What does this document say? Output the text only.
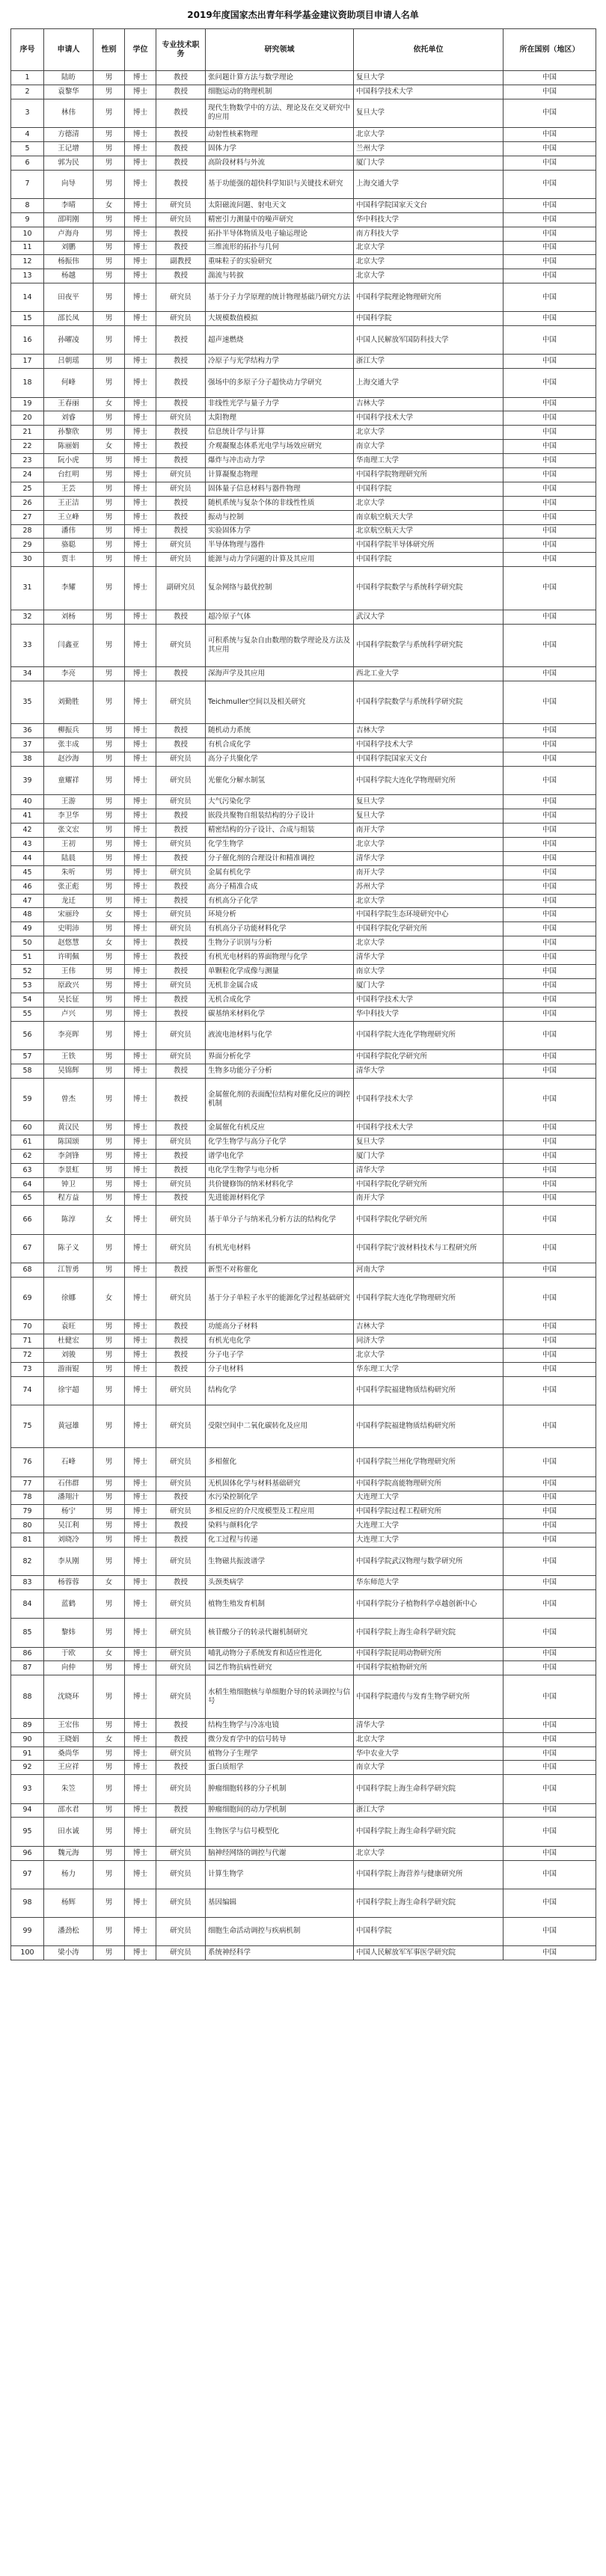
2019年度国家杰出青年科学基金建议资助项目申请人名单
序号	申请人	性别	学位	专业技术职务	研究领域	依托单位	所在国别（地区）
1	陆昉	男	博士	教授	张问题计算方法与数学理论	复旦大学	中国
2	袁黎华	男	博士	教授	细胞运动的物理机制	中国科学技术大学	中国
3	林伟	男	博士	教授	现代生物数学中的方法、理论及在交叉研究中的应用	复旦大学	中国
4	方德清	男	博士	教授	动射性核素物理	北京大学	中国
5	王记增	男	博士	教授	固体力学	兰州大学	中国
6	郭为民	男	博士	教授	高阶段材料与外流	厦门大学	中国
7	向导	男	博士	教授	基于功能强的超快科学知识与关键技术研究	上海交通大学	中国
8	李晴	女	博士	研究员	太阳磁流问题、射电天文	中国科学院国家天文台	中国
9	邵明刚	男	博士	研究员	精密引力测量中的噪声研究	华中科技大学	中国
10	卢海舟	男	博士	教授	拓扑半导体物质及电子输运理论	南方科技大学	中国
11	刘鹏	男	博士	教授	三维流形的拓扑与几何	北京大学	中国
12	杨振伟	男	博士	副教授	重味粒子的实验研究	北京大学	中国
13	杨越	男	博士	教授	湍流与转捩	北京大学	中国
14	田夜平	男	博士	研究员	基于分子力学原理的统计物理基础乃研究方法	中国科学院理论物理研究所	中国
15	邵长凤	男	博士	研究员	大规模数值模拟	中国科学院	中国
16	孙曜凌	男	博士	教授	超声速燃烧	中国人民解放军国防科技大学	中国
17	吕朝瑶	男	博士	教授	冷原子与光学结构力学	浙江大学	中国
18	何峰	男	博士	教授	强场中的多原子分子超快动力学研究	上海交通大学	中国
19	王春丽	女	博士	教授	非线性光学与量子力学	吉林大学	中国
20	刘睿	男	博士	研究员	太阳物理	中国科学技术大学	中国
21	孙黎欣	男	博士	教授	信息统计学与计算	北京大学	中国
22	陈丽娟	女	博士	教授	介观凝聚态体系光电学与场效应研究	南京大学	中国
23	阮小虎	男	博士	教授	爆炸与冲击动力学	华南理工大学	中国
24	台红明	男	博士	研究员	计算凝聚态物理	中国科学院物理研究所	中国
25	王芸	男	博士	研究员	固体量子信息材料与器件物理	中国科学院	中国
26	王正洁	男	博士	教授	随机系统与复杂个体的非线性性质	北京大学	中国
27	王立峰	男	博士	教授	振动与控制	南京航空航天大学	中国
28	潘伟	男	博士	教授	实验固体力学	北京航空航天大学	中国
29	骆聪	男	博士	研究员	半导体物理与器件	中国科学院半导体研究所	中国
30	贾丰	男	博士	研究员	能源与动力学问题的计算及其应用	中国科学院	中国
31	李耀	男	博士	副研究员	复杂网络与最优控制	中国科学院数学与系统科学研究院	中国
32	刘杨	男	博士	教授	超冷原子气体	武汉大学	中国
33	闫鑫亚	男	博士	研究员	可积系统与复杂自由数理的数学理论及方法及其应用	中国科学院数学与系统科学研究院	中国
34	李亮	男	博士	教授	深海声学及其应用	西北工业大学	中国
35	刘勤胜	男	博士	研究员	Teichmuller空间以及相关研究	中国科学院数学与系统科学研究院	中国
36	柳振兵	男	博士	教授	随机动力系统	吉林大学	中国
37	张丰成	男	博士	教授	有机合成化学	中国科学技术大学	中国
38	赵沙海	男	博士	研究员	高分子共聚化学	中国科学院国家天文台	中国
39	童耀祥	男	博士	研究员	光催化分解水制氢	中国科学院大连化学物理研究所	中国
40	王游	男	博士	研究员	大气污染化学	复旦大学	中国
41	李卫华	男	博士	教授	嵌段共聚物自组装结构的分子设计	复旦大学	中国
42	张文宏	男	博士	教授	精密结构的分子设计、合成与组装	南开大学	中国
43	王初	男	博士	研究员	化学生物学	北京大学	中国
44	陆晨	男	博士	教授	分子催化剂的合理设计和精准调控	清华大学	中国
45	朱听	男	博士	研究员	金属有机化学	南开大学	中国
46	张正彪	男	博士	教授	高分子精准合成	苏州大学	中国
47	龙迁	男	博士	教授	有机高分子化学	北京大学	中国
48	宋丽玲	女	博士	研究员	环境分析	中国科学院生态环境研究中心	中国
49	史明沛	男	博士	研究员	有机高分子功能材料化学	中国科学院化学研究所	中国
50	赵悠慧	女	博士	教授	生物分子识别与分析	北京大学	中国
51	许明佩	男	博士	教授	有机光电材料的界面物理与化学	清华大学	中国
52	王伟	男	博士	教授	单颗粒化学成像与测量	南京大学	中国
53	原政兴	男	博士	研究员	无机非金属合成	厦门大学	中国
54	吴长征	男	博士	教授	无机合成化学	中国科学技术大学	中国
55	卢兴	男	博士	教授	碳基纳米材料化学	华中科技大学	中国
56	李亮晖	男	博士	研究员	液流电池材料与化学	中国科学院大连化学物理研究所	中国
57	王铁	男	博士	研究员	界面分析化学	中国科学院化学研究所	中国
58	吴锦辉	男	博士	教授	生物多功能分子分析	清华大学	中国
59	曾杰	男	博士	教授	金属催化剂的表面配位结构对催化反应的调控机制	中国科学技术大学	中国
60	黄汉民	男	博士	教授	金属催化有机反应	中国科学技术大学	中国
61	陈国颂	男	博士	研究员	化学生物学与高分子化学	复旦大学	中国
62	李剑锋	男	博士	教授	谱学电化学	厦门大学	中国
63	李景虹	男	博士	教授	电化学生物学与电分析	清华大学	中国
64	钟卫	男	博士	研究员	共价键修饰的纳米材料化学	中国科学院化学研究所	中国
65	程方益	男	博士	教授	先进能源材料化学	南开大学	中国
66	陈淳	女	博士	研究员	基于单分子与纳米孔分析方法的结构化学	中国科学院化学研究所	中国
67	陈子义	男	博士	研究员	有机光电材料	中国科学院宁波材料技术与工程研究所	中国
68	江智勇	男	博士	教授	新型不对称催化	河南大学	中国
69	徐娜	女	博士	研究员	基于分子单粒子水平的能源化学过程基础研究	中国科学院大连化学物理研究所	中国
70	袁旺	男	博士	教授	功能高分子材料	吉林大学	中国
71	杜健宏	男	博士	教授	有机光电化学	同济大学	中国
72	刘骏	男	博士	教授	分子电子学	北京大学	中国
73	游雨锟	男	博士	教授	分子电材料	华东理工大学	中国
74	徐宇超	男	博士	研究员	结构化学	中国科学院福建物质结构研究所	中国
75	黄冠雄	男	博士	研究员	受限空间中二氧化碳转化及应用	中国科学院福建物质结构研究所	中国
76	石峰	男	博士	研究员	多相催化	中国科学院兰州化学物理研究所	中国
77	石伟群	男	博士	研究员	无机固体化学与材料基础研究	中国科学院高能物理研究所	中国
78	潘翔汁	男	博士	教授	水污染控制化学	大连理工大学	中国
79	杨宁	男	博士	研究员	多相反应的介尺度模型及工程应用	中国科学院过程工程研究所	中国
80	吴江利	男	博士	教授	染料与颜料化学	大连理工大学	中国
81	刘晓冷	男	博士	教授	化工过程与传递	大连理工大学	中国
82	李从刚	男	博士	研究员	生物磁共振波谱学	中国科学院武汉物理与数学研究所	中国
83	杨蓉蓉	女	博士	教授	头颈类病学	华东师范大学	中国
84	蓝鹤	男	博士	研究员	植物生殖发育机制	中国科学院分子植物科学卓越创新中心	中国
85	黎炜	男	博士	研究员	核苷酸分子的转录代谢机制研究	中国科学院上海生命科学研究院	中国
86	于欧	女	博士	研究员	哺乳动物分子系统发育和适应性进化	中国科学院昆明动物研究所	中国
87	向仲	男	博士	研究员	园艺作物抗病性研究	中国科学院植物研究所	中国
88	沈晓环	男	博士	研究员	水稻生殖细胞核与单细胞介导的转录调控与信号	中国科学院遗传与发育生物学研究所	中国
89	王宏伟	男	博士	教授	结构生物学与冷冻电镜	清华大学	中国
90	王晓娟	女	博士	教授	微分发育学中的信号转导	北京大学	中国
91	桑尚华	男	博士	研究员	植物分子生理学	华中农业大学	中国
92	王应祥	男	博士	教授	蛋白质组学	南京大学	中国
93	朱笠	男	博士	研究员	肿瘤细胞转移的分子机制	中国科学院上海生命科学研究院	中国
94	邵水君	男	博士	教授	肿瘤细胞间的动力学机制	浙江大学	中国
95	田水诚	男	博士	研究员	生物医学与信号模型化	中国科学院上海生命科学研究院	中国
96	魏元海	男	博士	研究员	脑神经网络的调控与代谢	北京大学	中国
97	杨力	男	博士	研究员	计算生物学	中国科学院上海营养与健康研究所	中国
98	杨辉	男	博士	研究员	基因编辑	中国科学院上海生命科学研究院	中国
99	潘劲松	男	博士	研究员	细胞生命活动调控与疾病机制	中国科学院	中国
100	梁小涛	男	博士	研究员	系统神经科学	中国人民解放军军事医学研究院	中国
